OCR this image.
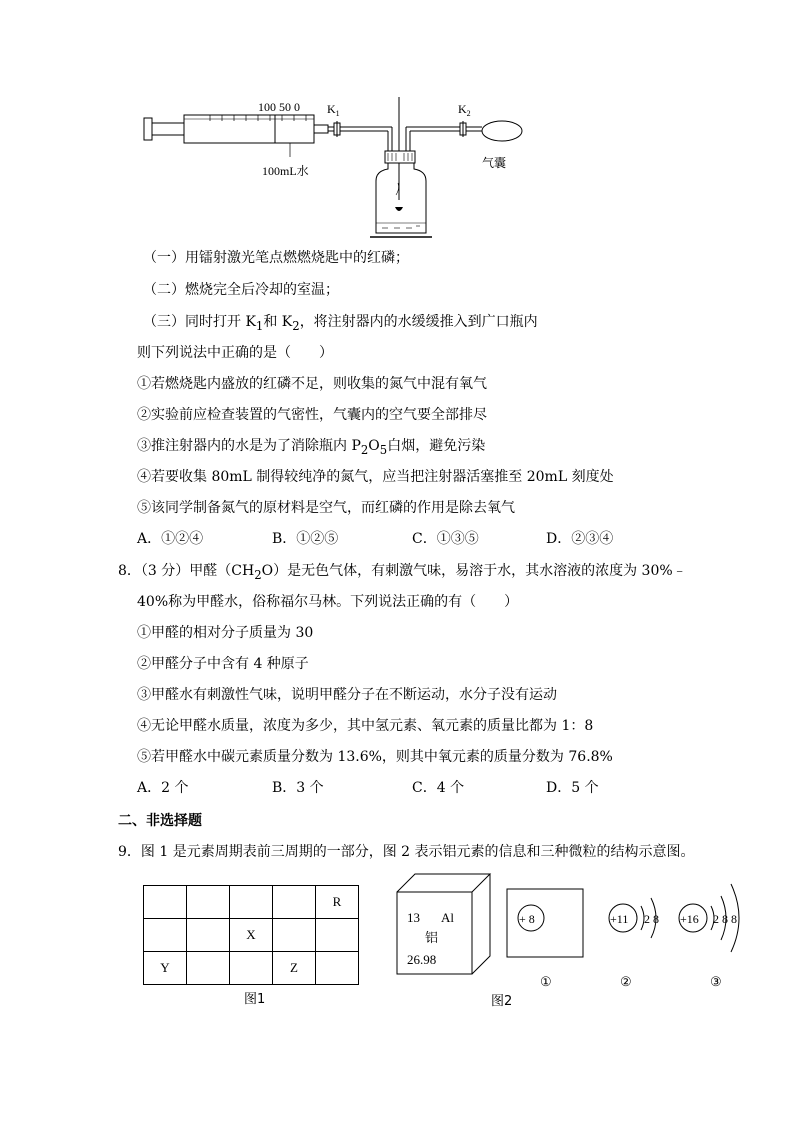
100 50 0 $K_1$	$K_2$
100mL水
气囊
（一）用镭射激光笔点燃燃烧匙中的红磷；
（二）燃烧完全后冷却的室温；
（三）同时打开 $K_1$和 $K_2$，将注射器内的水缓缓推入到广口瓶内
则下列说法中正确的是（　　）
①若燃烧匙内盛放的红磷不足，则收集的氮气中混有氧气
②实验前应检查装置的气密性，气囊内的空气要全部排尽
③推注射器内的水是为了消除瓶内 $P_2O_5$白烟，避免污染
④若要收集 80mL 制得较纯净的氮气，应当把注射器活塞推至 20mL 刻度处
⑤该同学制备氮气的原材料是空气，而红磷的作用是除去氧气
A．①②④	B．①②⑤	C．①③⑤	D．②③④
8．（3 分）甲醛$(CH_2O)$是无色气体，有刺激气味，易溶于水，其水溶液的浓度为 30%﹣
40%称为甲醛水，俗称福尔马林。下列说法正确的有（　　）
①甲醛的相对分子质量为 30
②甲醛分子中含有 4 种原子
③甲醛水有刺激性气味，说明甲醛分子在不断运动，水分子没有运动
④无论甲醛水质量，浓度为多少，其中氢元素、氧元素的质量比都为 1：8
⑤若甲醛水中碳元素质量分数为 13.6%，则其中氧元素的质量分数为 76.8%
A．2 个	B．3 个	C．4 个	D．5 个
二、非选择题
9．图 1 是元素周期表前三周期的一部分，图 2 表示铝元素的信息和三种微粒的结构示意图。
				R
		X		
Y			Z	
图1
13 Al
铝
26.98
+ 8
①
+11 2 8
②
+16 2 8 8
③
图2
